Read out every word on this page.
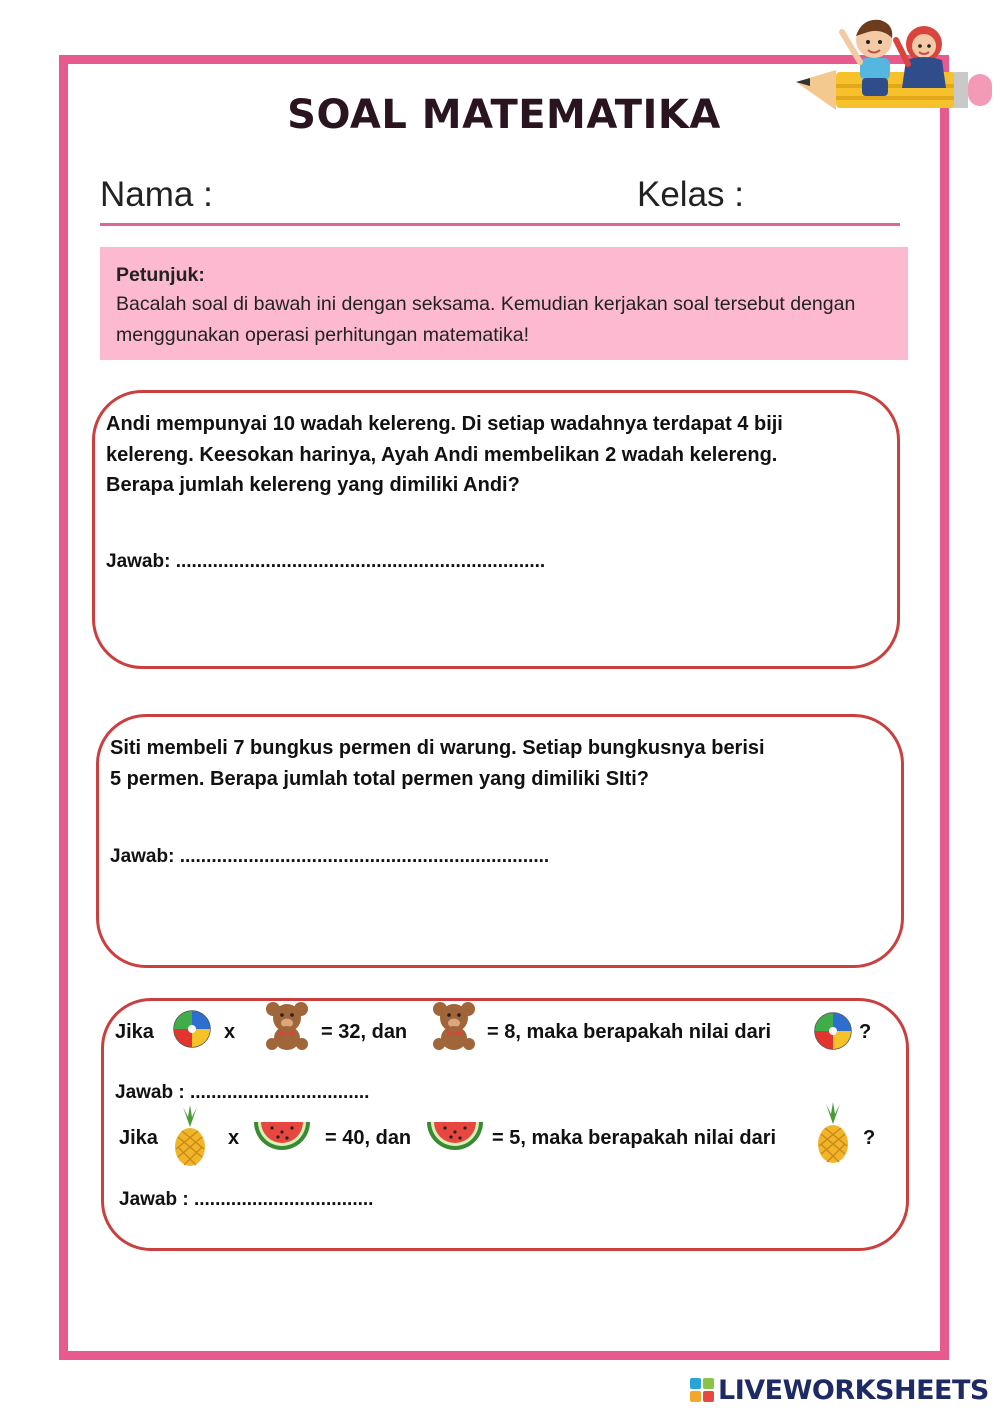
SOAL MATEMATIKA
Nama :	Kelas :
Petunjuk:
Bacalah soal di bawah ini dengan seksama. Kemudian kerjakan soal tersebut dengan menggunakan operasi perhitungan matematika!
Andi mempunyai 10 wadah kelereng. Di setiap wadahnya terdapat 4 biji
kelereng. Keesokan harinya, Ayah Andi membelikan 2 wadah kelereng.
Berapa jumlah kelereng yang dimiliki Andi?
Jawab: ......................................................................
Siti membeli 7 bungkus permen di warung. Setiap bungkusnya berisi
5 permen. Berapa jumlah total permen yang dimiliki SIti?
Jawab: ......................................................................
Jika	x	= 32, dan	= 8, maka berapakah nilai dari	?
Jawab : ..................................
Jika	x	= 40, dan	= 5, maka berapakah nilai dari	?
Jawab : ..................................
LIVEWORKSHEETS
